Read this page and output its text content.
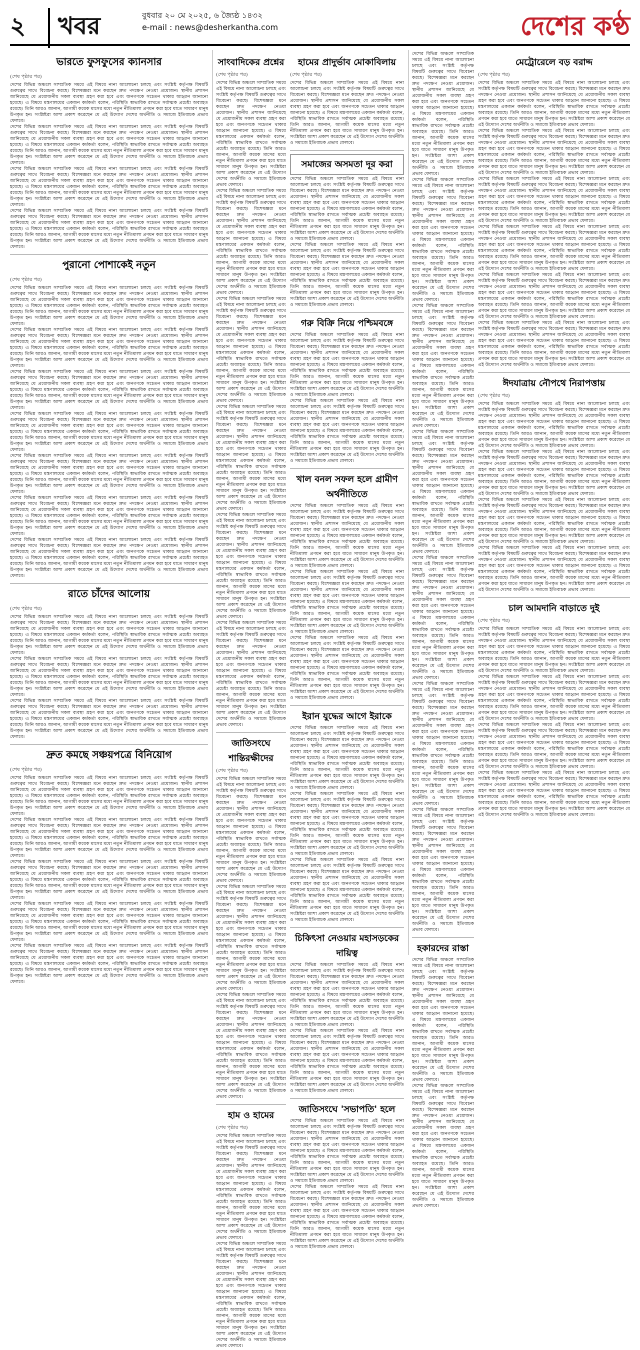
২	খবর	বুধবার ২০ মে ২০২৫, ৬ জ্যৈষ্ঠ ১৪৩২
e-mail : news@desherkantha.com	দেশের কণ্ঠ
ভারতে ফুসফুসের ক্যানসার
(শেষ পৃষ্ঠার পর)

দেশের বিভিন্ন অঞ্চলে সাম্প্রতিক সময়ে এই বিষয়ে নানা আলোচনা চলছে এবং সংশ্লিষ্ট কর্তৃপক্ষ বিষয়টি গুরুত্বের সাথে বিবেচনা করছে। বিশেষজ্ঞরা মনে করছেন দ্রুত পদক্ষেপ নেওয়া প্রয়োজন। স্থানীয় প্রশাসন জানিয়েছে যে প্রয়োজনীয় সকল ব্যবস্থা গ্রহণ করা হবে এবং জনগণকে সচেতন থাকার আহ্বান জানানো হয়েছে। এ বিষয়ে মন্ত্রণালয়ের একজন কর্মকর্তা বলেন, পরিস্থিতি স্বাভাবিক রাখতে সর্বাত্মক প্রচেষ্টা অব্যাহত রয়েছে। তিনি আরও জানান, আগামী কয়েক মাসের মধ্যে নতুন নীতিমালা প্রণয়ন করা হবে যাতে সাধারণ মানুষ উপকৃত হন। সংশ্লিষ্টরা আশা প্রকাশ করেছেন যে এই উদ্যোগ দেশের অর্থনীতি ও সমাজে ইতিবাচক প্রভাব ফেলবে।

দেশের বিভিন্ন অঞ্চলে সাম্প্রতিক সময়ে এই বিষয়ে নানা আলোচনা চলছে এবং সংশ্লিষ্ট কর্তৃপক্ষ বিষয়টি গুরুত্বের সাথে বিবেচনা করছে। বিশেষজ্ঞরা মনে করছেন দ্রুত পদক্ষেপ নেওয়া প্রয়োজন। স্থানীয় প্রশাসন জানিয়েছে যে প্রয়োজনীয় সকল ব্যবস্থা গ্রহণ করা হবে এবং জনগণকে সচেতন থাকার আহ্বান জানানো হয়েছে। এ বিষয়ে মন্ত্রণালয়ের একজন কর্মকর্তা বলেন, পরিস্থিতি স্বাভাবিক রাখতে সর্বাত্মক প্রচেষ্টা অব্যাহত রয়েছে। তিনি আরও জানান, আগামী কয়েক মাসের মধ্যে নতুন নীতিমালা প্রণয়ন করা হবে যাতে সাধারণ মানুষ উপকৃত হন। সংশ্লিষ্টরা আশা প্রকাশ করেছেন যে এই উদ্যোগ দেশের অর্থনীতি ও সমাজে ইতিবাচক প্রভাব ফেলবে।

দেশের বিভিন্ন অঞ্চলে সাম্প্রতিক সময়ে এই বিষয়ে নানা আলোচনা চলছে এবং সংশ্লিষ্ট কর্তৃপক্ষ বিষয়টি গুরুত্বের সাথে বিবেচনা করছে। বিশেষজ্ঞরা মনে করছেন দ্রুত পদক্ষেপ নেওয়া প্রয়োজন। স্থানীয় প্রশাসন জানিয়েছে যে প্রয়োজনীয় সকল ব্যবস্থা গ্রহণ করা হবে এবং জনগণকে সচেতন থাকার আহ্বান জানানো হয়েছে। এ বিষয়ে মন্ত্রণালয়ের একজন কর্মকর্তা বলেন, পরিস্থিতি স্বাভাবিক রাখতে সর্বাত্মক প্রচেষ্টা অব্যাহত রয়েছে। তিনি আরও জানান, আগামী কয়েক মাসের মধ্যে নতুন নীতিমালা প্রণয়ন করা হবে যাতে সাধারণ মানুষ উপকৃত হন। সংশ্লিষ্টরা আশা প্রকাশ করেছেন যে এই উদ্যোগ দেশের অর্থনীতি ও সমাজে ইতিবাচক প্রভাব ফেলবে।

দেশের বিভিন্ন অঞ্চলে সাম্প্রতিক সময়ে এই বিষয়ে নানা আলোচনা চলছে এবং সংশ্লিষ্ট কর্তৃপক্ষ বিষয়টি গুরুত্বের সাথে বিবেচনা করছে। বিশেষজ্ঞরা মনে করছেন দ্রুত পদক্ষেপ নেওয়া প্রয়োজন। স্থানীয় প্রশাসন জানিয়েছে যে প্রয়োজনীয় সকল ব্যবস্থা গ্রহণ করা হবে এবং জনগণকে সচেতন থাকার আহ্বান জানানো হয়েছে। এ বিষয়ে মন্ত্রণালয়ের একজন কর্মকর্তা বলেন, পরিস্থিতি স্বাভাবিক রাখতে সর্বাত্মক প্রচেষ্টা অব্যাহত রয়েছে। তিনি আরও জানান, আগামী কয়েক মাসের মধ্যে নতুন নীতিমালা প্রণয়ন করা হবে যাতে সাধারণ মানুষ উপকৃত হন। সংশ্লিষ্টরা আশা প্রকাশ করেছেন যে এই উদ্যোগ দেশের অর্থনীতি ও সমাজে ইতিবাচক প্রভাব ফেলবে।

পুরানো পোশাকেই নতুন
(শেষ পৃষ্ঠার পর)

দেশের বিভিন্ন অঞ্চলে সাম্প্রতিক সময়ে এই বিষয়ে নানা আলোচনা চলছে এবং সংশ্লিষ্ট কর্তৃপক্ষ বিষয়টি গুরুত্বের সাথে বিবেচনা করছে। বিশেষজ্ঞরা মনে করছেন দ্রুত পদক্ষেপ নেওয়া প্রয়োজন। স্থানীয় প্রশাসন জানিয়েছে যে প্রয়োজনীয় সকল ব্যবস্থা গ্রহণ করা হবে এবং জনগণকে সচেতন থাকার আহ্বান জানানো হয়েছে। এ বিষয়ে মন্ত্রণালয়ের একজন কর্মকর্তা বলেন, পরিস্থিতি স্বাভাবিক রাখতে সর্বাত্মক প্রচেষ্টা অব্যাহত রয়েছে। তিনি আরও জানান, আগামী কয়েক মাসের মধ্যে নতুন নীতিমালা প্রণয়ন করা হবে যাতে সাধারণ মানুষ উপকৃত হন। সংশ্লিষ্টরা আশা প্রকাশ করেছেন যে এই উদ্যোগ দেশের অর্থনীতি ও সমাজে ইতিবাচক প্রভাব ফেলবে।

দেশের বিভিন্ন অঞ্চলে সাম্প্রতিক সময়ে এই বিষয়ে নানা আলোচনা চলছে এবং সংশ্লিষ্ট কর্তৃপক্ষ বিষয়টি গুরুত্বের সাথে বিবেচনা করছে। বিশেষজ্ঞরা মনে করছেন দ্রুত পদক্ষেপ নেওয়া প্রয়োজন। স্থানীয় প্রশাসন জানিয়েছে যে প্রয়োজনীয় সকল ব্যবস্থা গ্রহণ করা হবে এবং জনগণকে সচেতন থাকার আহ্বান জানানো হয়েছে। এ বিষয়ে মন্ত্রণালয়ের একজন কর্মকর্তা বলেন, পরিস্থিতি স্বাভাবিক রাখতে সর্বাত্মক প্রচেষ্টা অব্যাহত রয়েছে। তিনি আরও জানান, আগামী কয়েক মাসের মধ্যে নতুন নীতিমালা প্রণয়ন করা হবে যাতে সাধারণ মানুষ উপকৃত হন। সংশ্লিষ্টরা আশা প্রকাশ করেছেন যে এই উদ্যোগ দেশের অর্থনীতি ও সমাজে ইতিবাচক প্রভাব ফেলবে।

দেশের বিভিন্ন অঞ্চলে সাম্প্রতিক সময়ে এই বিষয়ে নানা আলোচনা চলছে এবং সংশ্লিষ্ট কর্তৃপক্ষ বিষয়টি গুরুত্বের সাথে বিবেচনা করছে। বিশেষজ্ঞরা মনে করছেন দ্রুত পদক্ষেপ নেওয়া প্রয়োজন। স্থানীয় প্রশাসন জানিয়েছে যে প্রয়োজনীয় সকল ব্যবস্থা গ্রহণ করা হবে এবং জনগণকে সচেতন থাকার আহ্বান জানানো হয়েছে। এ বিষয়ে মন্ত্রণালয়ের একজন কর্মকর্তা বলেন, পরিস্থিতি স্বাভাবিক রাখতে সর্বাত্মক প্রচেষ্টা অব্যাহত রয়েছে। তিনি আরও জানান, আগামী কয়েক মাসের মধ্যে নতুন নীতিমালা প্রণয়ন করা হবে যাতে সাধারণ মানুষ উপকৃত হন। সংশ্লিষ্টরা আশা প্রকাশ করেছেন যে এই উদ্যোগ দেশের অর্থনীতি ও সমাজে ইতিবাচক প্রভাব ফেলবে।

দেশের বিভিন্ন অঞ্চলে সাম্প্রতিক সময়ে এই বিষয়ে নানা আলোচনা চলছে এবং সংশ্লিষ্ট কর্তৃপক্ষ বিষয়টি গুরুত্বের সাথে বিবেচনা করছে। বিশেষজ্ঞরা মনে করছেন দ্রুত পদক্ষেপ নেওয়া প্রয়োজন। স্থানীয় প্রশাসন জানিয়েছে যে প্রয়োজনীয় সকল ব্যবস্থা গ্রহণ করা হবে এবং জনগণকে সচেতন থাকার আহ্বান জানানো হয়েছে। এ বিষয়ে মন্ত্রণালয়ের একজন কর্মকর্তা বলেন, পরিস্থিতি স্বাভাবিক রাখতে সর্বাত্মক প্রচেষ্টা অব্যাহত রয়েছে। তিনি আরও জানান, আগামী কয়েক মাসের মধ্যে নতুন নীতিমালা প্রণয়ন করা হবে যাতে সাধারণ মানুষ উপকৃত হন। সংশ্লিষ্টরা আশা প্রকাশ করেছেন যে এই উদ্যোগ দেশের অর্থনীতি ও সমাজে ইতিবাচক প্রভাব ফেলবে।

দেশের বিভিন্ন অঞ্চলে সাম্প্রতিক সময়ে এই বিষয়ে নানা আলোচনা চলছে এবং সংশ্লিষ্ট কর্তৃপক্ষ বিষয়টি গুরুত্বের সাথে বিবেচনা করছে। বিশেষজ্ঞরা মনে করছেন দ্রুত পদক্ষেপ নেওয়া প্রয়োজন। স্থানীয় প্রশাসন জানিয়েছে যে প্রয়োজনীয় সকল ব্যবস্থা গ্রহণ করা হবে এবং জনগণকে সচেতন থাকার আহ্বান জানানো হয়েছে। এ বিষয়ে মন্ত্রণালয়ের একজন কর্মকর্তা বলেন, পরিস্থিতি স্বাভাবিক রাখতে সর্বাত্মক প্রচেষ্টা অব্যাহত রয়েছে। তিনি আরও জানান, আগামী কয়েক মাসের মধ্যে নতুন নীতিমালা প্রণয়ন করা হবে যাতে সাধারণ মানুষ উপকৃত হন। সংশ্লিষ্টরা আশা প্রকাশ করেছেন যে এই উদ্যোগ দেশের অর্থনীতি ও সমাজে ইতিবাচক প্রভাব ফেলবে।

দেশের বিভিন্ন অঞ্চলে সাম্প্রতিক সময়ে এই বিষয়ে নানা আলোচনা চলছে এবং সংশ্লিষ্ট কর্তৃপক্ষ বিষয়টি গুরুত্বের সাথে বিবেচনা করছে। বিশেষজ্ঞরা মনে করছেন দ্রুত পদক্ষেপ নেওয়া প্রয়োজন। স্থানীয় প্রশাসন জানিয়েছে যে প্রয়োজনীয় সকল ব্যবস্থা গ্রহণ করা হবে এবং জনগণকে সচেতন থাকার আহ্বান জানানো হয়েছে। এ বিষয়ে মন্ত্রণালয়ের একজন কর্মকর্তা বলেন, পরিস্থিতি স্বাভাবিক রাখতে সর্বাত্মক প্রচেষ্টা অব্যাহত রয়েছে। তিনি আরও জানান, আগামী কয়েক মাসের মধ্যে নতুন নীতিমালা প্রণয়ন করা হবে যাতে সাধারণ মানুষ উপকৃত হন। সংশ্লিষ্টরা আশা প্রকাশ করেছেন যে এই উদ্যোগ দেশের অর্থনীতি ও সমাজে ইতিবাচক প্রভাব ফেলবে।

দেশের বিভিন্ন অঞ্চলে সাম্প্রতিক সময়ে এই বিষয়ে নানা আলোচনা চলছে এবং সংশ্লিষ্ট কর্তৃপক্ষ বিষয়টি গুরুত্বের সাথে বিবেচনা করছে। বিশেষজ্ঞরা মনে করছেন দ্রুত পদক্ষেপ নেওয়া প্রয়োজন। স্থানীয় প্রশাসন জানিয়েছে যে প্রয়োজনীয় সকল ব্যবস্থা গ্রহণ করা হবে এবং জনগণকে সচেতন থাকার আহ্বান জানানো হয়েছে। এ বিষয়ে মন্ত্রণালয়ের একজন কর্মকর্তা বলেন, পরিস্থিতি স্বাভাবিক রাখতে সর্বাত্মক প্রচেষ্টা অব্যাহত রয়েছে। তিনি আরও জানান, আগামী কয়েক মাসের মধ্যে নতুন নীতিমালা প্রণয়ন করা হবে যাতে সাধারণ মানুষ উপকৃত হন। সংশ্লিষ্টরা আশা প্রকাশ করেছেন যে এই উদ্যোগ দেশের অর্থনীতি ও সমাজে ইতিবাচক প্রভাব ফেলবে।

রাতে চাঁদের আলোয়
(শেষ পৃষ্ঠার পর)

দেশের বিভিন্ন অঞ্চলে সাম্প্রতিক সময়ে এই বিষয়ে নানা আলোচনা চলছে এবং সংশ্লিষ্ট কর্তৃপক্ষ বিষয়টি গুরুত্বের সাথে বিবেচনা করছে। বিশেষজ্ঞরা মনে করছেন দ্রুত পদক্ষেপ নেওয়া প্রয়োজন। স্থানীয় প্রশাসন জানিয়েছে যে প্রয়োজনীয় সকল ব্যবস্থা গ্রহণ করা হবে এবং জনগণকে সচেতন থাকার আহ্বান জানানো হয়েছে। এ বিষয়ে মন্ত্রণালয়ের একজন কর্মকর্তা বলেন, পরিস্থিতি স্বাভাবিক রাখতে সর্বাত্মক প্রচেষ্টা অব্যাহত রয়েছে। তিনি আরও জানান, আগামী কয়েক মাসের মধ্যে নতুন নীতিমালা প্রণয়ন করা হবে যাতে সাধারণ মানুষ উপকৃত হন। সংশ্লিষ্টরা আশা প্রকাশ করেছেন যে এই উদ্যোগ দেশের অর্থনীতি ও সমাজে ইতিবাচক প্রভাব ফেলবে।

দেশের বিভিন্ন অঞ্চলে সাম্প্রতিক সময়ে এই বিষয়ে নানা আলোচনা চলছে এবং সংশ্লিষ্ট কর্তৃপক্ষ বিষয়টি গুরুত্বের সাথে বিবেচনা করছে। বিশেষজ্ঞরা মনে করছেন দ্রুত পদক্ষেপ নেওয়া প্রয়োজন। স্থানীয় প্রশাসন জানিয়েছে যে প্রয়োজনীয় সকল ব্যবস্থা গ্রহণ করা হবে এবং জনগণকে সচেতন থাকার আহ্বান জানানো হয়েছে। এ বিষয়ে মন্ত্রণালয়ের একজন কর্মকর্তা বলেন, পরিস্থিতি স্বাভাবিক রাখতে সর্বাত্মক প্রচেষ্টা অব্যাহত রয়েছে। তিনি আরও জানান, আগামী কয়েক মাসের মধ্যে নতুন নীতিমালা প্রণয়ন করা হবে যাতে সাধারণ মানুষ উপকৃত হন। সংশ্লিষ্টরা আশা প্রকাশ করেছেন যে এই উদ্যোগ দেশের অর্থনীতি ও সমাজে ইতিবাচক প্রভাব ফেলবে।

দেশের বিভিন্ন অঞ্চলে সাম্প্রতিক সময়ে এই বিষয়ে নানা আলোচনা চলছে এবং সংশ্লিষ্ট কর্তৃপক্ষ বিষয়টি গুরুত্বের সাথে বিবেচনা করছে। বিশেষজ্ঞরা মনে করছেন দ্রুত পদক্ষেপ নেওয়া প্রয়োজন। স্থানীয় প্রশাসন জানিয়েছে যে প্রয়োজনীয় সকল ব্যবস্থা গ্রহণ করা হবে এবং জনগণকে সচেতন থাকার আহ্বান জানানো হয়েছে। এ বিষয়ে মন্ত্রণালয়ের একজন কর্মকর্তা বলেন, পরিস্থিতি স্বাভাবিক রাখতে সর্বাত্মক প্রচেষ্টা অব্যাহত রয়েছে। তিনি আরও জানান, আগামী কয়েক মাসের মধ্যে নতুন নীতিমালা প্রণয়ন করা হবে যাতে সাধারণ মানুষ উপকৃত হন। সংশ্লিষ্টরা আশা প্রকাশ করেছেন যে এই উদ্যোগ দেশের অর্থনীতি ও সমাজে ইতিবাচক প্রভাব ফেলবে।

দ্রুত কমছে সঞ্চয়পত্রে বিনিয়োগ
(শেষ পৃষ্ঠার পর)

দেশের বিভিন্ন অঞ্চলে সাম্প্রতিক সময়ে এই বিষয়ে নানা আলোচনা চলছে এবং সংশ্লিষ্ট কর্তৃপক্ষ বিষয়টি গুরুত্বের সাথে বিবেচনা করছে। বিশেষজ্ঞরা মনে করছেন দ্রুত পদক্ষেপ নেওয়া প্রয়োজন। স্থানীয় প্রশাসন জানিয়েছে যে প্রয়োজনীয় সকল ব্যবস্থা গ্রহণ করা হবে এবং জনগণকে সচেতন থাকার আহ্বান জানানো হয়েছে। এ বিষয়ে মন্ত্রণালয়ের একজন কর্মকর্তা বলেন, পরিস্থিতি স্বাভাবিক রাখতে সর্বাত্মক প্রচেষ্টা অব্যাহত রয়েছে। তিনি আরও জানান, আগামী কয়েক মাসের মধ্যে নতুন নীতিমালা প্রণয়ন করা হবে যাতে সাধারণ মানুষ উপকৃত হন। সংশ্লিষ্টরা আশা প্রকাশ করেছেন যে এই উদ্যোগ দেশের অর্থনীতি ও সমাজে ইতিবাচক প্রভাব ফেলবে।

দেশের বিভিন্ন অঞ্চলে সাম্প্রতিক সময়ে এই বিষয়ে নানা আলোচনা চলছে এবং সংশ্লিষ্ট কর্তৃপক্ষ বিষয়টি গুরুত্বের সাথে বিবেচনা করছে। বিশেষজ্ঞরা মনে করছেন দ্রুত পদক্ষেপ নেওয়া প্রয়োজন। স্থানীয় প্রশাসন জানিয়েছে যে প্রয়োজনীয় সকল ব্যবস্থা গ্রহণ করা হবে এবং জনগণকে সচেতন থাকার আহ্বান জানানো হয়েছে। এ বিষয়ে মন্ত্রণালয়ের একজন কর্মকর্তা বলেন, পরিস্থিতি স্বাভাবিক রাখতে সর্বাত্মক প্রচেষ্টা অব্যাহত রয়েছে। তিনি আরও জানান, আগামী কয়েক মাসের মধ্যে নতুন নীতিমালা প্রণয়ন করা হবে যাতে সাধারণ মানুষ উপকৃত হন। সংশ্লিষ্টরা আশা প্রকাশ করেছেন যে এই উদ্যোগ দেশের অর্থনীতি ও সমাজে ইতিবাচক প্রভাব ফেলবে।

দেশের বিভিন্ন অঞ্চলে সাম্প্রতিক সময়ে এই বিষয়ে নানা আলোচনা চলছে এবং সংশ্লিষ্ট কর্তৃপক্ষ বিষয়টি গুরুত্বের সাথে বিবেচনা করছে। বিশেষজ্ঞরা মনে করছেন দ্রুত পদক্ষেপ নেওয়া প্রয়োজন। স্থানীয় প্রশাসন জানিয়েছে যে প্রয়োজনীয় সকল ব্যবস্থা গ্রহণ করা হবে এবং জনগণকে সচেতন থাকার আহ্বান জানানো হয়েছে। এ বিষয়ে মন্ত্রণালয়ের একজন কর্মকর্তা বলেন, পরিস্থিতি স্বাভাবিক রাখতে সর্বাত্মক প্রচেষ্টা অব্যাহত রয়েছে। তিনি আরও জানান, আগামী কয়েক মাসের মধ্যে নতুন নীতিমালা প্রণয়ন করা হবে যাতে সাধারণ মানুষ উপকৃত হন। সংশ্লিষ্টরা আশা প্রকাশ করেছেন যে এই উদ্যোগ দেশের অর্থনীতি ও সমাজে ইতিবাচক প্রভাব ফেলবে।

দেশের বিভিন্ন অঞ্চলে সাম্প্রতিক সময়ে এই বিষয়ে নানা আলোচনা চলছে এবং সংশ্লিষ্ট কর্তৃপক্ষ বিষয়টি গুরুত্বের সাথে বিবেচনা করছে। বিশেষজ্ঞরা মনে করছেন দ্রুত পদক্ষেপ নেওয়া প্রয়োজন। স্থানীয় প্রশাসন জানিয়েছে যে প্রয়োজনীয় সকল ব্যবস্থা গ্রহণ করা হবে এবং জনগণকে সচেতন থাকার আহ্বান জানানো হয়েছে। এ বিষয়ে মন্ত্রণালয়ের একজন কর্মকর্তা বলেন, পরিস্থিতি স্বাভাবিক রাখতে সর্বাত্মক প্রচেষ্টা অব্যাহত রয়েছে। তিনি আরও জানান, আগামী কয়েক মাসের মধ্যে নতুন নীতিমালা প্রণয়ন করা হবে যাতে সাধারণ মানুষ উপকৃত হন। সংশ্লিষ্টরা আশা প্রকাশ করেছেন যে এই উদ্যোগ দেশের অর্থনীতি ও সমাজে ইতিবাচক প্রভাব ফেলবে।

দেশের বিভিন্ন অঞ্চলে সাম্প্রতিক সময়ে এই বিষয়ে নানা আলোচনা চলছে এবং সংশ্লিষ্ট কর্তৃপক্ষ বিষয়টি গুরুত্বের সাথে বিবেচনা করছে। বিশেষজ্ঞরা মনে করছেন দ্রুত পদক্ষেপ নেওয়া প্রয়োজন। স্থানীয় প্রশাসন জানিয়েছে যে প্রয়োজনীয় সকল ব্যবস্থা গ্রহণ করা হবে এবং জনগণকে সচেতন থাকার আহ্বান জানানো হয়েছে। এ বিষয়ে মন্ত্রণালয়ের একজন কর্মকর্তা বলেন, পরিস্থিতি স্বাভাবিক রাখতে সর্বাত্মক প্রচেষ্টা অব্যাহত রয়েছে। তিনি আরও জানান, আগামী কয়েক মাসের মধ্যে নতুন নীতিমালা প্রণয়ন করা হবে যাতে সাধারণ মানুষ উপকৃত হন। সংশ্লিষ্টরা আশা প্রকাশ করেছেন যে এই উদ্যোগ দেশের অর্থনীতি ও সমাজে ইতিবাচক প্রভাব ফেলবে।

সাংবাদিকের প্রশ্নের
(শেষ পৃষ্ঠার পর)

দেশের বিভিন্ন অঞ্চলে সাম্প্রতিক সময়ে এই বিষয়ে নানা আলোচনা চলছে এবং সংশ্লিষ্ট কর্তৃপক্ষ বিষয়টি গুরুত্বের সাথে বিবেচনা করছে। বিশেষজ্ঞরা মনে করছেন দ্রুত পদক্ষেপ নেওয়া প্রয়োজন। স্থানীয় প্রশাসন জানিয়েছে যে প্রয়োজনীয় সকল ব্যবস্থা গ্রহণ করা হবে এবং জনগণকে সচেতন থাকার আহ্বান জানানো হয়েছে। এ বিষয়ে মন্ত্রণালয়ের একজন কর্মকর্তা বলেন, পরিস্থিতি স্বাভাবিক রাখতে সর্বাত্মক প্রচেষ্টা অব্যাহত রয়েছে। তিনি আরও জানান, আগামী কয়েক মাসের মধ্যে নতুন নীতিমালা প্রণয়ন করা হবে যাতে সাধারণ মানুষ উপকৃত হন। সংশ্লিষ্টরা আশা প্রকাশ করেছেন যে এই উদ্যোগ দেশের অর্থনীতি ও সমাজে ইতিবাচক প্রভাব ফেলবে।

দেশের বিভিন্ন অঞ্চলে সাম্প্রতিক সময়ে এই বিষয়ে নানা আলোচনা চলছে এবং সংশ্লিষ্ট কর্তৃপক্ষ বিষয়টি গুরুত্বের সাথে বিবেচনা করছে। বিশেষজ্ঞরা মনে করছেন দ্রুত পদক্ষেপ নেওয়া প্রয়োজন। স্থানীয় প্রশাসন জানিয়েছে যে প্রয়োজনীয় সকল ব্যবস্থা গ্রহণ করা হবে এবং জনগণকে সচেতন থাকার আহ্বান জানানো হয়েছে। এ বিষয়ে মন্ত্রণালয়ের একজন কর্মকর্তা বলেন, পরিস্থিতি স্বাভাবিক রাখতে সর্বাত্মক প্রচেষ্টা অব্যাহত রয়েছে। তিনি আরও জানান, আগামী কয়েক মাসের মধ্যে নতুন নীতিমালা প্রণয়ন করা হবে যাতে সাধারণ মানুষ উপকৃত হন। সংশ্লিষ্টরা আশা প্রকাশ করেছেন যে এই উদ্যোগ দেশের অর্থনীতি ও সমাজে ইতিবাচক প্রভাব ফেলবে।

দেশের বিভিন্ন অঞ্চলে সাম্প্রতিক সময়ে এই বিষয়ে নানা আলোচনা চলছে এবং সংশ্লিষ্ট কর্তৃপক্ষ বিষয়টি গুরুত্বের সাথে বিবেচনা করছে। বিশেষজ্ঞরা মনে করছেন দ্রুত পদক্ষেপ নেওয়া প্রয়োজন। স্থানীয় প্রশাসন জানিয়েছে যে প্রয়োজনীয় সকল ব্যবস্থা গ্রহণ করা হবে এবং জনগণকে সচেতন থাকার আহ্বান জানানো হয়েছে। এ বিষয়ে মন্ত্রণালয়ের একজন কর্মকর্তা বলেন, পরিস্থিতি স্বাভাবিক রাখতে সর্বাত্মক প্রচেষ্টা অব্যাহত রয়েছে। তিনি আরও জানান, আগামী কয়েক মাসের মধ্যে নতুন নীতিমালা প্রণয়ন করা হবে যাতে সাধারণ মানুষ উপকৃত হন। সংশ্লিষ্টরা আশা প্রকাশ করেছেন যে এই উদ্যোগ দেশের অর্থনীতি ও সমাজে ইতিবাচক প্রভাব ফেলবে।

দেশের বিভিন্ন অঞ্চলে সাম্প্রতিক সময়ে এই বিষয়ে নানা আলোচনা চলছে এবং সংশ্লিষ্ট কর্তৃপক্ষ বিষয়টি গুরুত্বের সাথে বিবেচনা করছে। বিশেষজ্ঞরা মনে করছেন দ্রুত পদক্ষেপ নেওয়া প্রয়োজন। স্থানীয় প্রশাসন জানিয়েছে যে প্রয়োজনীয় সকল ব্যবস্থা গ্রহণ করা হবে এবং জনগণকে সচেতন থাকার আহ্বান জানানো হয়েছে। এ বিষয়ে মন্ত্রণালয়ের একজন কর্মকর্তা বলেন, পরিস্থিতি স্বাভাবিক রাখতে সর্বাত্মক প্রচেষ্টা অব্যাহত রয়েছে। তিনি আরও জানান, আগামী কয়েক মাসের মধ্যে নতুন নীতিমালা প্রণয়ন করা হবে যাতে সাধারণ মানুষ উপকৃত হন। সংশ্লিষ্টরা আশা প্রকাশ করেছেন যে এই উদ্যোগ দেশের অর্থনীতি ও সমাজে ইতিবাচক প্রভাব ফেলবে।

দেশের বিভিন্ন অঞ্চলে সাম্প্রতিক সময়ে এই বিষয়ে নানা আলোচনা চলছে এবং সংশ্লিষ্ট কর্তৃপক্ষ বিষয়টি গুরুত্বের সাথে বিবেচনা করছে। বিশেষজ্ঞরা মনে করছেন দ্রুত পদক্ষেপ নেওয়া প্রয়োজন। স্থানীয় প্রশাসন জানিয়েছে যে প্রয়োজনীয় সকল ব্যবস্থা গ্রহণ করা হবে এবং জনগণকে সচেতন থাকার আহ্বান জানানো হয়েছে। এ বিষয়ে মন্ত্রণালয়ের একজন কর্মকর্তা বলেন, পরিস্থিতি স্বাভাবিক রাখতে সর্বাত্মক প্রচেষ্টা অব্যাহত রয়েছে। তিনি আরও জানান, আগামী কয়েক মাসের মধ্যে নতুন নীতিমালা প্রণয়ন করা হবে যাতে সাধারণ মানুষ উপকৃত হন। সংশ্লিষ্টরা আশা প্রকাশ করেছেন যে এই উদ্যোগ দেশের অর্থনীতি ও সমাজে ইতিবাচক প্রভাব ফেলবে।

দেশের বিভিন্ন অঞ্চলে সাম্প্রতিক সময়ে এই বিষয়ে নানা আলোচনা চলছে এবং সংশ্লিষ্ট কর্তৃপক্ষ বিষয়টি গুরুত্বের সাথে বিবেচনা করছে। বিশেষজ্ঞরা মনে করছেন দ্রুত পদক্ষেপ নেওয়া প্রয়োজন। স্থানীয় প্রশাসন জানিয়েছে যে প্রয়োজনীয় সকল ব্যবস্থা গ্রহণ করা হবে এবং জনগণকে সচেতন থাকার আহ্বান জানানো হয়েছে। এ বিষয়ে মন্ত্রণালয়ের একজন কর্মকর্তা বলেন, পরিস্থিতি স্বাভাবিক রাখতে সর্বাত্মক প্রচেষ্টা অব্যাহত রয়েছে। তিনি আরও জানান, আগামী কয়েক মাসের মধ্যে নতুন নীতিমালা প্রণয়ন করা হবে যাতে সাধারণ মানুষ উপকৃত হন। সংশ্লিষ্টরা আশা প্রকাশ করেছেন যে এই উদ্যোগ দেশের অর্থনীতি ও সমাজে ইতিবাচক প্রভাব ফেলবে।

জাতিসংঘে শান্তিরক্ষীদের
(শেষ পৃষ্ঠার পর)

দেশের বিভিন্ন অঞ্চলে সাম্প্রতিক সময়ে এই বিষয়ে নানা আলোচনা চলছে এবং সংশ্লিষ্ট কর্তৃপক্ষ বিষয়টি গুরুত্বের সাথে বিবেচনা করছে। বিশেষজ্ঞরা মনে করছেন দ্রুত পদক্ষেপ নেওয়া প্রয়োজন। স্থানীয় প্রশাসন জানিয়েছে যে প্রয়োজনীয় সকল ব্যবস্থা গ্রহণ করা হবে এবং জনগণকে সচেতন থাকার আহ্বান জানানো হয়েছে। এ বিষয়ে মন্ত্রণালয়ের একজন কর্মকর্তা বলেন, পরিস্থিতি স্বাভাবিক রাখতে সর্বাত্মক প্রচেষ্টা অব্যাহত রয়েছে। তিনি আরও জানান, আগামী কয়েক মাসের মধ্যে নতুন নীতিমালা প্রণয়ন করা হবে যাতে সাধারণ মানুষ উপকৃত হন। সংশ্লিষ্টরা আশা প্রকাশ করেছেন যে এই উদ্যোগ দেশের অর্থনীতি ও সমাজে ইতিবাচক প্রভাব ফেলবে।

দেশের বিভিন্ন অঞ্চলে সাম্প্রতিক সময়ে এই বিষয়ে নানা আলোচনা চলছে এবং সংশ্লিষ্ট কর্তৃপক্ষ বিষয়টি গুরুত্বের সাথে বিবেচনা করছে। বিশেষজ্ঞরা মনে করছেন দ্রুত পদক্ষেপ নেওয়া প্রয়োজন। স্থানীয় প্রশাসন জানিয়েছে যে প্রয়োজনীয় সকল ব্যবস্থা গ্রহণ করা হবে এবং জনগণকে সচেতন থাকার আহ্বান জানানো হয়েছে। এ বিষয়ে মন্ত্রণালয়ের একজন কর্মকর্তা বলেন, পরিস্থিতি স্বাভাবিক রাখতে সর্বাত্মক প্রচেষ্টা অব্যাহত রয়েছে। তিনি আরও জানান, আগামী কয়েক মাসের মধ্যে নতুন নীতিমালা প্রণয়ন করা হবে যাতে সাধারণ মানুষ উপকৃত হন। সংশ্লিষ্টরা আশা প্রকাশ করেছেন যে এই উদ্যোগ দেশের অর্থনীতি ও সমাজে ইতিবাচক প্রভাব ফেলবে।

দেশের বিভিন্ন অঞ্চলে সাম্প্রতিক সময়ে এই বিষয়ে নানা আলোচনা চলছে এবং সংশ্লিষ্ট কর্তৃপক্ষ বিষয়টি গুরুত্বের সাথে বিবেচনা করছে। বিশেষজ্ঞরা মনে করছেন দ্রুত পদক্ষেপ নেওয়া প্রয়োজন। স্থানীয় প্রশাসন জানিয়েছে যে প্রয়োজনীয় সকল ব্যবস্থা গ্রহণ করা হবে এবং জনগণকে সচেতন থাকার আহ্বান জানানো হয়েছে। এ বিষয়ে মন্ত্রণালয়ের একজন কর্মকর্তা বলেন, পরিস্থিতি স্বাভাবিক রাখতে সর্বাত্মক প্রচেষ্টা অব্যাহত রয়েছে। তিনি আরও জানান, আগামী কয়েক মাসের মধ্যে নতুন নীতিমালা প্রণয়ন করা হবে যাতে সাধারণ মানুষ উপকৃত হন। সংশ্লিষ্টরা আশা প্রকাশ করেছেন যে এই উদ্যোগ দেশের অর্থনীতি ও সমাজে ইতিবাচক প্রভাব ফেলবে।

হাম ও হামের
(শেষ পৃষ্ঠার পর)

দেশের বিভিন্ন অঞ্চলে সাম্প্রতিক সময়ে এই বিষয়ে নানা আলোচনা চলছে এবং সংশ্লিষ্ট কর্তৃপক্ষ বিষয়টি গুরুত্বের সাথে বিবেচনা করছে। বিশেষজ্ঞরা মনে করছেন দ্রুত পদক্ষেপ নেওয়া প্রয়োজন। স্থানীয় প্রশাসন জানিয়েছে যে প্রয়োজনীয় সকল ব্যবস্থা গ্রহণ করা হবে এবং জনগণকে সচেতন থাকার আহ্বান জানানো হয়েছে। এ বিষয়ে মন্ত্রণালয়ের একজন কর্মকর্তা বলেন, পরিস্থিতি স্বাভাবিক রাখতে সর্বাত্মক প্রচেষ্টা অব্যাহত রয়েছে। তিনি আরও জানান, আগামী কয়েক মাসের মধ্যে নতুন নীতিমালা প্রণয়ন করা হবে যাতে সাধারণ মানুষ উপকৃত হন। সংশ্লিষ্টরা আশা প্রকাশ করেছেন যে এই উদ্যোগ দেশের অর্থনীতি ও সমাজে ইতিবাচক প্রভাব ফেলবে।

দেশের বিভিন্ন অঞ্চলে সাম্প্রতিক সময়ে এই বিষয়ে নানা আলোচনা চলছে এবং সংশ্লিষ্ট কর্তৃপক্ষ বিষয়টি গুরুত্বের সাথে বিবেচনা করছে। বিশেষজ্ঞরা মনে করছেন দ্রুত পদক্ষেপ নেওয়া প্রয়োজন। স্থানীয় প্রশাসন জানিয়েছে যে প্রয়োজনীয় সকল ব্যবস্থা গ্রহণ করা হবে এবং জনগণকে সচেতন থাকার আহ্বান জানানো হয়েছে। এ বিষয়ে মন্ত্রণালয়ের একজন কর্মকর্তা বলেন, পরিস্থিতি স্বাভাবিক রাখতে সর্বাত্মক প্রচেষ্টা অব্যাহত রয়েছে। তিনি আরও জানান, আগামী কয়েক মাসের মধ্যে নতুন নীতিমালা প্রণয়ন করা হবে যাতে সাধারণ মানুষ উপকৃত হন। সংশ্লিষ্টরা আশা প্রকাশ করেছেন যে এই উদ্যোগ দেশের অর্থনীতি ও সমাজে ইতিবাচক প্রভাব ফেলবে।

হামের প্রাদুর্ভাব মোকাবিলায়
(শেষ পৃষ্ঠার পর)

দেশের বিভিন্ন অঞ্চলে সাম্প্রতিক সময়ে এই বিষয়ে নানা আলোচনা চলছে এবং সংশ্লিষ্ট কর্তৃপক্ষ বিষয়টি গুরুত্বের সাথে বিবেচনা করছে। বিশেষজ্ঞরা মনে করছেন দ্রুত পদক্ষেপ নেওয়া প্রয়োজন। স্থানীয় প্রশাসন জানিয়েছে যে প্রয়োজনীয় সকল ব্যবস্থা গ্রহণ করা হবে এবং জনগণকে সচেতন থাকার আহ্বান জানানো হয়েছে। এ বিষয়ে মন্ত্রণালয়ের একজন কর্মকর্তা বলেন, পরিস্থিতি স্বাভাবিক রাখতে সর্বাত্মক প্রচেষ্টা অব্যাহত রয়েছে। তিনি আরও জানান, আগামী কয়েক মাসের মধ্যে নতুন নীতিমালা প্রণয়ন করা হবে যাতে সাধারণ মানুষ উপকৃত হন। সংশ্লিষ্টরা আশা প্রকাশ করেছেন যে এই উদ্যোগ দেশের অর্থনীতি ও সমাজে ইতিবাচক প্রভাব ফেলবে।

সমাজের অসমতা দূর করা

দেশের বিভিন্ন অঞ্চলে সাম্প্রতিক সময়ে এই বিষয়ে নানা আলোচনা চলছে এবং সংশ্লিষ্ট কর্তৃপক্ষ বিষয়টি গুরুত্বের সাথে বিবেচনা করছে। বিশেষজ্ঞরা মনে করছেন দ্রুত পদক্ষেপ নেওয়া প্রয়োজন। স্থানীয় প্রশাসন জানিয়েছে যে প্রয়োজনীয় সকল ব্যবস্থা গ্রহণ করা হবে এবং জনগণকে সচেতন থাকার আহ্বান জানানো হয়েছে। এ বিষয়ে মন্ত্রণালয়ের একজন কর্মকর্তা বলেন, পরিস্থিতি স্বাভাবিক রাখতে সর্বাত্মক প্রচেষ্টা অব্যাহত রয়েছে। তিনি আরও জানান, আগামী কয়েক মাসের মধ্যে নতুন নীতিমালা প্রণয়ন করা হবে যাতে সাধারণ মানুষ উপকৃত হন। সংশ্লিষ্টরা আশা প্রকাশ করেছেন যে এই উদ্যোগ দেশের অর্থনীতি ও সমাজে ইতিবাচক প্রভাব ফেলবে।

দেশের বিভিন্ন অঞ্চলে সাম্প্রতিক সময়ে এই বিষয়ে নানা আলোচনা চলছে এবং সংশ্লিষ্ট কর্তৃপক্ষ বিষয়টি গুরুত্বের সাথে বিবেচনা করছে। বিশেষজ্ঞরা মনে করছেন দ্রুত পদক্ষেপ নেওয়া প্রয়োজন। স্থানীয় প্রশাসন জানিয়েছে যে প্রয়োজনীয় সকল ব্যবস্থা গ্রহণ করা হবে এবং জনগণকে সচেতন থাকার আহ্বান জানানো হয়েছে। এ বিষয়ে মন্ত্রণালয়ের একজন কর্মকর্তা বলেন, পরিস্থিতি স্বাভাবিক রাখতে সর্বাত্মক প্রচেষ্টা অব্যাহত রয়েছে। তিনি আরও জানান, আগামী কয়েক মাসের মধ্যে নতুন নীতিমালা প্রণয়ন করা হবে যাতে সাধারণ মানুষ উপকৃত হন। সংশ্লিষ্টরা আশা প্রকাশ করেছেন যে এই উদ্যোগ দেশের অর্থনীতি ও সমাজে ইতিবাচক প্রভাব ফেলবে।

গরু বিক্রি নিয়ে পশ্চিমবঙ্গে

দেশের বিভিন্ন অঞ্চলে সাম্প্রতিক সময়ে এই বিষয়ে নানা আলোচনা চলছে এবং সংশ্লিষ্ট কর্তৃপক্ষ বিষয়টি গুরুত্বের সাথে বিবেচনা করছে। বিশেষজ্ঞরা মনে করছেন দ্রুত পদক্ষেপ নেওয়া প্রয়োজন। স্থানীয় প্রশাসন জানিয়েছে যে প্রয়োজনীয় সকল ব্যবস্থা গ্রহণ করা হবে এবং জনগণকে সচেতন থাকার আহ্বান জানানো হয়েছে। এ বিষয়ে মন্ত্রণালয়ের একজন কর্মকর্তা বলেন, পরিস্থিতি স্বাভাবিক রাখতে সর্বাত্মক প্রচেষ্টা অব্যাহত রয়েছে। তিনি আরও জানান, আগামী কয়েক মাসের মধ্যে নতুন নীতিমালা প্রণয়ন করা হবে যাতে সাধারণ মানুষ উপকৃত হন। সংশ্লিষ্টরা আশা প্রকাশ করেছেন যে এই উদ্যোগ দেশের অর্থনীতি ও সমাজে ইতিবাচক প্রভাব ফেলবে।

দেশের বিভিন্ন অঞ্চলে সাম্প্রতিক সময়ে এই বিষয়ে নানা আলোচনা চলছে এবং সংশ্লিষ্ট কর্তৃপক্ষ বিষয়টি গুরুত্বের সাথে বিবেচনা করছে। বিশেষজ্ঞরা মনে করছেন দ্রুত পদক্ষেপ নেওয়া প্রয়োজন। স্থানীয় প্রশাসন জানিয়েছে যে প্রয়োজনীয় সকল ব্যবস্থা গ্রহণ করা হবে এবং জনগণকে সচেতন থাকার আহ্বান জানানো হয়েছে। এ বিষয়ে মন্ত্রণালয়ের একজন কর্মকর্তা বলেন, পরিস্থিতি স্বাভাবিক রাখতে সর্বাত্মক প্রচেষ্টা অব্যাহত রয়েছে। তিনি আরও জানান, আগামী কয়েক মাসের মধ্যে নতুন নীতিমালা প্রণয়ন করা হবে যাতে সাধারণ মানুষ উপকৃত হন। সংশ্লিষ্টরা আশা প্রকাশ করেছেন যে এই উদ্যোগ দেশের অর্থনীতি ও সমাজে ইতিবাচক প্রভাব ফেলবে।

খাল বনল সফল হলে গ্রামীণ অর্থনীতিতে

দেশের বিভিন্ন অঞ্চলে সাম্প্রতিক সময়ে এই বিষয়ে নানা আলোচনা চলছে এবং সংশ্লিষ্ট কর্তৃপক্ষ বিষয়টি গুরুত্বের সাথে বিবেচনা করছে। বিশেষজ্ঞরা মনে করছেন দ্রুত পদক্ষেপ নেওয়া প্রয়োজন। স্থানীয় প্রশাসন জানিয়েছে যে প্রয়োজনীয় সকল ব্যবস্থা গ্রহণ করা হবে এবং জনগণকে সচেতন থাকার আহ্বান জানানো হয়েছে। এ বিষয়ে মন্ত্রণালয়ের একজন কর্মকর্তা বলেন, পরিস্থিতি স্বাভাবিক রাখতে সর্বাত্মক প্রচেষ্টা অব্যাহত রয়েছে। তিনি আরও জানান, আগামী কয়েক মাসের মধ্যে নতুন নীতিমালা প্রণয়ন করা হবে যাতে সাধারণ মানুষ উপকৃত হন। সংশ্লিষ্টরা আশা প্রকাশ করেছেন যে এই উদ্যোগ দেশের অর্থনীতি ও সমাজে ইতিবাচক প্রভাব ফেলবে।

দেশের বিভিন্ন অঞ্চলে সাম্প্রতিক সময়ে এই বিষয়ে নানা আলোচনা চলছে এবং সংশ্লিষ্ট কর্তৃপক্ষ বিষয়টি গুরুত্বের সাথে বিবেচনা করছে। বিশেষজ্ঞরা মনে করছেন দ্রুত পদক্ষেপ নেওয়া প্রয়োজন। স্থানীয় প্রশাসন জানিয়েছে যে প্রয়োজনীয় সকল ব্যবস্থা গ্রহণ করা হবে এবং জনগণকে সচেতন থাকার আহ্বান জানানো হয়েছে। এ বিষয়ে মন্ত্রণালয়ের একজন কর্মকর্তা বলেন, পরিস্থিতি স্বাভাবিক রাখতে সর্বাত্মক প্রচেষ্টা অব্যাহত রয়েছে। তিনি আরও জানান, আগামী কয়েক মাসের মধ্যে নতুন নীতিমালা প্রণয়ন করা হবে যাতে সাধারণ মানুষ উপকৃত হন। সংশ্লিষ্টরা আশা প্রকাশ করেছেন যে এই উদ্যোগ দেশের অর্থনীতি ও সমাজে ইতিবাচক প্রভাব ফেলবে।

দেশের বিভিন্ন অঞ্চলে সাম্প্রতিক সময়ে এই বিষয়ে নানা আলোচনা চলছে এবং সংশ্লিষ্ট কর্তৃপক্ষ বিষয়টি গুরুত্বের সাথে বিবেচনা করছে। বিশেষজ্ঞরা মনে করছেন দ্রুত পদক্ষেপ নেওয়া প্রয়োজন। স্থানীয় প্রশাসন জানিয়েছে যে প্রয়োজনীয় সকল ব্যবস্থা গ্রহণ করা হবে এবং জনগণকে সচেতন থাকার আহ্বান জানানো হয়েছে। এ বিষয়ে মন্ত্রণালয়ের একজন কর্মকর্তা বলেন, পরিস্থিতি স্বাভাবিক রাখতে সর্বাত্মক প্রচেষ্টা অব্যাহত রয়েছে। তিনি আরও জানান, আগামী কয়েক মাসের মধ্যে নতুন নীতিমালা প্রণয়ন করা হবে যাতে সাধারণ মানুষ উপকৃত হন। সংশ্লিষ্টরা আশা প্রকাশ করেছেন যে এই উদ্যোগ দেশের অর্থনীতি ও সমাজে ইতিবাচক প্রভাব ফেলবে।

ইরান যুদ্ধের আগে ইরাকে

দেশের বিভিন্ন অঞ্চলে সাম্প্রতিক সময়ে এই বিষয়ে নানা আলোচনা চলছে এবং সংশ্লিষ্ট কর্তৃপক্ষ বিষয়টি গুরুত্বের সাথে বিবেচনা করছে। বিশেষজ্ঞরা মনে করছেন দ্রুত পদক্ষেপ নেওয়া প্রয়োজন। স্থানীয় প্রশাসন জানিয়েছে যে প্রয়োজনীয় সকল ব্যবস্থা গ্রহণ করা হবে এবং জনগণকে সচেতন থাকার আহ্বান জানানো হয়েছে। এ বিষয়ে মন্ত্রণালয়ের একজন কর্মকর্তা বলেন, পরিস্থিতি স্বাভাবিক রাখতে সর্বাত্মক প্রচেষ্টা অব্যাহত রয়েছে। তিনি আরও জানান, আগামী কয়েক মাসের মধ্যে নতুন নীতিমালা প্রণয়ন করা হবে যাতে সাধারণ মানুষ উপকৃত হন। সংশ্লিষ্টরা আশা প্রকাশ করেছেন যে এই উদ্যোগ দেশের অর্থনীতি ও সমাজে ইতিবাচক প্রভাব ফেলবে।

দেশের বিভিন্ন অঞ্চলে সাম্প্রতিক সময়ে এই বিষয়ে নানা আলোচনা চলছে এবং সংশ্লিষ্ট কর্তৃপক্ষ বিষয়টি গুরুত্বের সাথে বিবেচনা করছে। বিশেষজ্ঞরা মনে করছেন দ্রুত পদক্ষেপ নেওয়া প্রয়োজন। স্থানীয় প্রশাসন জানিয়েছে যে প্রয়োজনীয় সকল ব্যবস্থা গ্রহণ করা হবে এবং জনগণকে সচেতন থাকার আহ্বান জানানো হয়েছে। এ বিষয়ে মন্ত্রণালয়ের একজন কর্মকর্তা বলেন, পরিস্থিতি স্বাভাবিক রাখতে সর্বাত্মক প্রচেষ্টা অব্যাহত রয়েছে। তিনি আরও জানান, আগামী কয়েক মাসের মধ্যে নতুন নীতিমালা প্রণয়ন করা হবে যাতে সাধারণ মানুষ উপকৃত হন। সংশ্লিষ্টরা আশা প্রকাশ করেছেন যে এই উদ্যোগ দেশের অর্থনীতি ও সমাজে ইতিবাচক প্রভাব ফেলবে।

দেশের বিভিন্ন অঞ্চলে সাম্প্রতিক সময়ে এই বিষয়ে নানা আলোচনা চলছে এবং সংশ্লিষ্ট কর্তৃপক্ষ বিষয়টি গুরুত্বের সাথে বিবেচনা করছে। বিশেষজ্ঞরা মনে করছেন দ্রুত পদক্ষেপ নেওয়া প্রয়োজন। স্থানীয় প্রশাসন জানিয়েছে যে প্রয়োজনীয় সকল ব্যবস্থা গ্রহণ করা হবে এবং জনগণকে সচেতন থাকার আহ্বান জানানো হয়েছে। এ বিষয়ে মন্ত্রণালয়ের একজন কর্মকর্তা বলেন, পরিস্থিতি স্বাভাবিক রাখতে সর্বাত্মক প্রচেষ্টা অব্যাহত রয়েছে। তিনি আরও জানান, আগামী কয়েক মাসের মধ্যে নতুন নীতিমালা প্রণয়ন করা হবে যাতে সাধারণ মানুষ উপকৃত হন। সংশ্লিষ্টরা আশা প্রকাশ করেছেন যে এই উদ্যোগ দেশের অর্থনীতি ও সমাজে ইতিবাচক প্রভাব ফেলবে।

চিকিৎসা নেওয়ার মহাসড়কের দায়িত্ব

দেশের বিভিন্ন অঞ্চলে সাম্প্রতিক সময়ে এই বিষয়ে নানা আলোচনা চলছে এবং সংশ্লিষ্ট কর্তৃপক্ষ বিষয়টি গুরুত্বের সাথে বিবেচনা করছে। বিশেষজ্ঞরা মনে করছেন দ্রুত পদক্ষেপ নেওয়া প্রয়োজন। স্থানীয় প্রশাসন জানিয়েছে যে প্রয়োজনীয় সকল ব্যবস্থা গ্রহণ করা হবে এবং জনগণকে সচেতন থাকার আহ্বান জানানো হয়েছে। এ বিষয়ে মন্ত্রণালয়ের একজন কর্মকর্তা বলেন, পরিস্থিতি স্বাভাবিক রাখতে সর্বাত্মক প্রচেষ্টা অব্যাহত রয়েছে। তিনি আরও জানান, আগামী কয়েক মাসের মধ্যে নতুন নীতিমালা প্রণয়ন করা হবে যাতে সাধারণ মানুষ উপকৃত হন। সংশ্লিষ্টরা আশা প্রকাশ করেছেন যে এই উদ্যোগ দেশের অর্থনীতি ও সমাজে ইতিবাচক প্রভাব ফেলবে।

দেশের বিভিন্ন অঞ্চলে সাম্প্রতিক সময়ে এই বিষয়ে নানা আলোচনা চলছে এবং সংশ্লিষ্ট কর্তৃপক্ষ বিষয়টি গুরুত্বের সাথে বিবেচনা করছে। বিশেষজ্ঞরা মনে করছেন দ্রুত পদক্ষেপ নেওয়া প্রয়োজন। স্থানীয় প্রশাসন জানিয়েছে যে প্রয়োজনীয় সকল ব্যবস্থা গ্রহণ করা হবে এবং জনগণকে সচেতন থাকার আহ্বান জানানো হয়েছে। এ বিষয়ে মন্ত্রণালয়ের একজন কর্মকর্তা বলেন, পরিস্থিতি স্বাভাবিক রাখতে সর্বাত্মক প্রচেষ্টা অব্যাহত রয়েছে। তিনি আরও জানান, আগামী কয়েক মাসের মধ্যে নতুন নীতিমালা প্রণয়ন করা হবে যাতে সাধারণ মানুষ উপকৃত হন। সংশ্লিষ্টরা আশা প্রকাশ করেছেন যে এই উদ্যোগ দেশের অর্থনীতি ও সমাজে ইতিবাচক প্রভাব ফেলবে।

জাতিসংঘে 'সভাপতি' হলে

দেশের বিভিন্ন অঞ্চলে সাম্প্রতিক সময়ে এই বিষয়ে নানা আলোচনা চলছে এবং সংশ্লিষ্ট কর্তৃপক্ষ বিষয়টি গুরুত্বের সাথে বিবেচনা করছে। বিশেষজ্ঞরা মনে করছেন দ্রুত পদক্ষেপ নেওয়া প্রয়োজন। স্থানীয় প্রশাসন জানিয়েছে যে প্রয়োজনীয় সকল ব্যবস্থা গ্রহণ করা হবে এবং জনগণকে সচেতন থাকার আহ্বান জানানো হয়েছে। এ বিষয়ে মন্ত্রণালয়ের একজন কর্মকর্তা বলেন, পরিস্থিতি স্বাভাবিক রাখতে সর্বাত্মক প্রচেষ্টা অব্যাহত রয়েছে। তিনি আরও জানান, আগামী কয়েক মাসের মধ্যে নতুন নীতিমালা প্রণয়ন করা হবে যাতে সাধারণ মানুষ উপকৃত হন। সংশ্লিষ্টরা আশা প্রকাশ করেছেন যে এই উদ্যোগ দেশের অর্থনীতি ও সমাজে ইতিবাচক প্রভাব ফেলবে।

দেশের বিভিন্ন অঞ্চলে সাম্প্রতিক সময়ে এই বিষয়ে নানা আলোচনা চলছে এবং সংশ্লিষ্ট কর্তৃপক্ষ বিষয়টি গুরুত্বের সাথে বিবেচনা করছে। বিশেষজ্ঞরা মনে করছেন দ্রুত পদক্ষেপ নেওয়া প্রয়োজন। স্থানীয় প্রশাসন জানিয়েছে যে প্রয়োজনীয় সকল ব্যবস্থা গ্রহণ করা হবে এবং জনগণকে সচেতন থাকার আহ্বান জানানো হয়েছে। এ বিষয়ে মন্ত্রণালয়ের একজন কর্মকর্তা বলেন, পরিস্থিতি স্বাভাবিক রাখতে সর্বাত্মক প্রচেষ্টা অব্যাহত রয়েছে। তিনি আরও জানান, আগামী কয়েক মাসের মধ্যে নতুন নীতিমালা প্রণয়ন করা হবে যাতে সাধারণ মানুষ উপকৃত হন। সংশ্লিষ্টরা আশা প্রকাশ করেছেন যে এই উদ্যোগ দেশের অর্থনীতি ও সমাজে ইতিবাচক প্রভাব ফেলবে।

দেশের বিভিন্ন অঞ্চলে সাম্প্রতিক সময়ে এই বিষয়ে নানা আলোচনা চলছে এবং সংশ্লিষ্ট কর্তৃপক্ষ বিষয়টি গুরুত্বের সাথে বিবেচনা করছে। বিশেষজ্ঞরা মনে করছেন দ্রুত পদক্ষেপ নেওয়া প্রয়োজন। স্থানীয় প্রশাসন জানিয়েছে যে প্রয়োজনীয় সকল ব্যবস্থা গ্রহণ করা হবে এবং জনগণকে সচেতন থাকার আহ্বান জানানো হয়েছে। এ বিষয়ে মন্ত্রণালয়ের একজন কর্মকর্তা বলেন, পরিস্থিতি স্বাভাবিক রাখতে সর্বাত্মক প্রচেষ্টা অব্যাহত রয়েছে। তিনি আরও জানান, আগামী কয়েক মাসের মধ্যে নতুন নীতিমালা প্রণয়ন করা হবে যাতে সাধারণ মানুষ উপকৃত হন। সংশ্লিষ্টরা আশা প্রকাশ করেছেন যে এই উদ্যোগ দেশের অর্থনীতি ও সমাজে ইতিবাচক প্রভাব ফেলবে।

দেশের বিভিন্ন অঞ্চলে সাম্প্রতিক সময়ে এই বিষয়ে নানা আলোচনা চলছে এবং সংশ্লিষ্ট কর্তৃপক্ষ বিষয়টি গুরুত্বের সাথে বিবেচনা করছে। বিশেষজ্ঞরা মনে করছেন দ্রুত পদক্ষেপ নেওয়া প্রয়োজন। স্থানীয় প্রশাসন জানিয়েছে যে প্রয়োজনীয় সকল ব্যবস্থা গ্রহণ করা হবে এবং জনগণকে সচেতন থাকার আহ্বান জানানো হয়েছে। এ বিষয়ে মন্ত্রণালয়ের একজন কর্মকর্তা বলেন, পরিস্থিতি স্বাভাবিক রাখতে সর্বাত্মক প্রচেষ্টা অব্যাহত রয়েছে। তিনি আরও জানান, আগামী কয়েক মাসের মধ্যে নতুন নীতিমালা প্রণয়ন করা হবে যাতে সাধারণ মানুষ উপকৃত হন। সংশ্লিষ্টরা আশা প্রকাশ করেছেন যে এই উদ্যোগ দেশের অর্থনীতি ও সমাজে ইতিবাচক প্রভাব ফেলবে।

দেশের বিভিন্ন অঞ্চলে সাম্প্রতিক সময়ে এই বিষয়ে নানা আলোচনা চলছে এবং সংশ্লিষ্ট কর্তৃপক্ষ বিষয়টি গুরুত্বের সাথে বিবেচনা করছে। বিশেষজ্ঞরা মনে করছেন দ্রুত পদক্ষেপ নেওয়া প্রয়োজন। স্থানীয় প্রশাসন জানিয়েছে যে প্রয়োজনীয় সকল ব্যবস্থা গ্রহণ করা হবে এবং জনগণকে সচেতন থাকার আহ্বান জানানো হয়েছে। এ বিষয়ে মন্ত্রণালয়ের একজন কর্মকর্তা বলেন, পরিস্থিতি স্বাভাবিক রাখতে সর্বাত্মক প্রচেষ্টা অব্যাহত রয়েছে। তিনি আরও জানান, আগামী কয়েক মাসের মধ্যে নতুন নীতিমালা প্রণয়ন করা হবে যাতে সাধারণ মানুষ উপকৃত হন। সংশ্লিষ্টরা আশা প্রকাশ করেছেন যে এই উদ্যোগ দেশের অর্থনীতি ও সমাজে ইতিবাচক প্রভাব ফেলবে।

দেশের বিভিন্ন অঞ্চলে সাম্প্রতিক সময়ে এই বিষয়ে নানা আলোচনা চলছে এবং সংশ্লিষ্ট কর্তৃপক্ষ বিষয়টি গুরুত্বের সাথে বিবেচনা করছে। বিশেষজ্ঞরা মনে করছেন দ্রুত পদক্ষেপ নেওয়া প্রয়োজন। স্থানীয় প্রশাসন জানিয়েছে যে প্রয়োজনীয় সকল ব্যবস্থা গ্রহণ করা হবে এবং জনগণকে সচেতন থাকার আহ্বান জানানো হয়েছে। এ বিষয়ে মন্ত্রণালয়ের একজন কর্মকর্তা বলেন, পরিস্থিতি স্বাভাবিক রাখতে সর্বাত্মক প্রচেষ্টা অব্যাহত রয়েছে। তিনি আরও জানান, আগামী কয়েক মাসের মধ্যে নতুন নীতিমালা প্রণয়ন করা হবে যাতে সাধারণ মানুষ উপকৃত হন। সংশ্লিষ্টরা আশা প্রকাশ করেছেন যে এই উদ্যোগ দেশের অর্থনীতি ও সমাজে ইতিবাচক প্রভাব ফেলবে।

দেশের বিভিন্ন অঞ্চলে সাম্প্রতিক সময়ে এই বিষয়ে নানা আলোচনা চলছে এবং সংশ্লিষ্ট কর্তৃপক্ষ বিষয়টি গুরুত্বের সাথে বিবেচনা করছে। বিশেষজ্ঞরা মনে করছেন দ্রুত পদক্ষেপ নেওয়া প্রয়োজন। স্থানীয় প্রশাসন জানিয়েছে যে প্রয়োজনীয় সকল ব্যবস্থা গ্রহণ করা হবে এবং জনগণকে সচেতন থাকার আহ্বান জানানো হয়েছে। এ বিষয়ে মন্ত্রণালয়ের একজন কর্মকর্তা বলেন, পরিস্থিতি স্বাভাবিক রাখতে সর্বাত্মক প্রচেষ্টা অব্যাহত রয়েছে। তিনি আরও জানান, আগামী কয়েক মাসের মধ্যে নতুন নীতিমালা প্রণয়ন করা হবে যাতে সাধারণ মানুষ উপকৃত হন। সংশ্লিষ্টরা আশা প্রকাশ করেছেন যে এই উদ্যোগ দেশের অর্থনীতি ও সমাজে ইতিবাচক প্রভাব ফেলবে।

দেশের বিভিন্ন অঞ্চলে সাম্প্রতিক সময়ে এই বিষয়ে নানা আলোচনা চলছে এবং সংশ্লিষ্ট কর্তৃপক্ষ বিষয়টি গুরুত্বের সাথে বিবেচনা করছে। বিশেষজ্ঞরা মনে করছেন দ্রুত পদক্ষেপ নেওয়া প্রয়োজন। স্থানীয় প্রশাসন জানিয়েছে যে প্রয়োজনীয় সকল ব্যবস্থা গ্রহণ করা হবে এবং জনগণকে সচেতন থাকার আহ্বান জানানো হয়েছে। এ বিষয়ে মন্ত্রণালয়ের একজন কর্মকর্তা বলেন, পরিস্থিতি স্বাভাবিক রাখতে সর্বাত্মক প্রচেষ্টা অব্যাহত রয়েছে। তিনি আরও জানান, আগামী কয়েক মাসের মধ্যে নতুন নীতিমালা প্রণয়ন করা হবে যাতে সাধারণ মানুষ উপকৃত হন। সংশ্লিষ্টরা আশা প্রকাশ করেছেন যে এই উদ্যোগ দেশের অর্থনীতি ও সমাজে ইতিবাচক প্রভাব ফেলবে।

দেশের বিভিন্ন অঞ্চলে সাম্প্রতিক সময়ে এই বিষয়ে নানা আলোচনা চলছে এবং সংশ্লিষ্ট কর্তৃপক্ষ বিষয়টি গুরুত্বের সাথে বিবেচনা করছে। বিশেষজ্ঞরা মনে করছেন দ্রুত পদক্ষেপ নেওয়া প্রয়োজন। স্থানীয় প্রশাসন জানিয়েছে যে প্রয়োজনীয় সকল ব্যবস্থা গ্রহণ করা হবে এবং জনগণকে সচেতন থাকার আহ্বান জানানো হয়েছে। এ বিষয়ে মন্ত্রণালয়ের একজন কর্মকর্তা বলেন, পরিস্থিতি স্বাভাবিক রাখতে সর্বাত্মক প্রচেষ্টা অব্যাহত রয়েছে। তিনি আরও জানান, আগামী কয়েক মাসের মধ্যে নতুন নীতিমালা প্রণয়ন করা হবে যাতে সাধারণ মানুষ উপকৃত হন। সংশ্লিষ্টরা আশা প্রকাশ করেছেন যে এই উদ্যোগ দেশের অর্থনীতি ও সমাজে ইতিবাচক প্রভাব ফেলবে।

হকারদের রাস্তা

দেশের বিভিন্ন অঞ্চলে সাম্প্রতিক সময়ে এই বিষয়ে নানা আলোচনা চলছে এবং সংশ্লিষ্ট কর্তৃপক্ষ বিষয়টি গুরুত্বের সাথে বিবেচনা করছে। বিশেষজ্ঞরা মনে করছেন দ্রুত পদক্ষেপ নেওয়া প্রয়োজন। স্থানীয় প্রশাসন জানিয়েছে যে প্রয়োজনীয় সকল ব্যবস্থা গ্রহণ করা হবে এবং জনগণকে সচেতন থাকার আহ্বান জানানো হয়েছে। এ বিষয়ে মন্ত্রণালয়ের একজন কর্মকর্তা বলেন, পরিস্থিতি স্বাভাবিক রাখতে সর্বাত্মক প্রচেষ্টা অব্যাহত রয়েছে। তিনি আরও জানান, আগামী কয়েক মাসের মধ্যে নতুন নীতিমালা প্রণয়ন করা হবে যাতে সাধারণ মানুষ উপকৃত হন। সংশ্লিষ্টরা আশা প্রকাশ করেছেন যে এই উদ্যোগ দেশের অর্থনীতি ও সমাজে ইতিবাচক প্রভাব ফেলবে।

দেশের বিভিন্ন অঞ্চলে সাম্প্রতিক সময়ে এই বিষয়ে নানা আলোচনা চলছে এবং সংশ্লিষ্ট কর্তৃপক্ষ বিষয়টি গুরুত্বের সাথে বিবেচনা করছে। বিশেষজ্ঞরা মনে করছেন দ্রুত পদক্ষেপ নেওয়া প্রয়োজন। স্থানীয় প্রশাসন জানিয়েছে যে প্রয়োজনীয় সকল ব্যবস্থা গ্রহণ করা হবে এবং জনগণকে সচেতন থাকার আহ্বান জানানো হয়েছে। এ বিষয়ে মন্ত্রণালয়ের একজন কর্মকর্তা বলেন, পরিস্থিতি স্বাভাবিক রাখতে সর্বাত্মক প্রচেষ্টা অব্যাহত রয়েছে। তিনি আরও জানান, আগামী কয়েক মাসের মধ্যে নতুন নীতিমালা প্রণয়ন করা হবে যাতে সাধারণ মানুষ উপকৃত হন। সংশ্লিষ্টরা আশা প্রকাশ করেছেন যে এই উদ্যোগ দেশের অর্থনীতি ও সমাজে ইতিবাচক প্রভাব ফেলবে।

মেট্রোরেলে বড় বরাদ্দ
(শেষ পৃষ্ঠার পর)

দেশের বিভিন্ন অঞ্চলে সাম্প্রতিক সময়ে এই বিষয়ে নানা আলোচনা চলছে এবং সংশ্লিষ্ট কর্তৃপক্ষ বিষয়টি গুরুত্বের সাথে বিবেচনা করছে। বিশেষজ্ঞরা মনে করছেন দ্রুত পদক্ষেপ নেওয়া প্রয়োজন। স্থানীয় প্রশাসন জানিয়েছে যে প্রয়োজনীয় সকল ব্যবস্থা গ্রহণ করা হবে এবং জনগণকে সচেতন থাকার আহ্বান জানানো হয়েছে। এ বিষয়ে মন্ত্রণালয়ের একজন কর্মকর্তা বলেন, পরিস্থিতি স্বাভাবিক রাখতে সর্বাত্মক প্রচেষ্টা অব্যাহত রয়েছে। তিনি আরও জানান, আগামী কয়েক মাসের মধ্যে নতুন নীতিমালা প্রণয়ন করা হবে যাতে সাধারণ মানুষ উপকৃত হন। সংশ্লিষ্টরা আশা প্রকাশ করেছেন যে এই উদ্যোগ দেশের অর্থনীতি ও সমাজে ইতিবাচক প্রভাব ফেলবে।

দেশের বিভিন্ন অঞ্চলে সাম্প্রতিক সময়ে এই বিষয়ে নানা আলোচনা চলছে এবং সংশ্লিষ্ট কর্তৃপক্ষ বিষয়টি গুরুত্বের সাথে বিবেচনা করছে। বিশেষজ্ঞরা মনে করছেন দ্রুত পদক্ষেপ নেওয়া প্রয়োজন। স্থানীয় প্রশাসন জানিয়েছে যে প্রয়োজনীয় সকল ব্যবস্থা গ্রহণ করা হবে এবং জনগণকে সচেতন থাকার আহ্বান জানানো হয়েছে। এ বিষয়ে মন্ত্রণালয়ের একজন কর্মকর্তা বলেন, পরিস্থিতি স্বাভাবিক রাখতে সর্বাত্মক প্রচেষ্টা অব্যাহত রয়েছে। তিনি আরও জানান, আগামী কয়েক মাসের মধ্যে নতুন নীতিমালা প্রণয়ন করা হবে যাতে সাধারণ মানুষ উপকৃত হন। সংশ্লিষ্টরা আশা প্রকাশ করেছেন যে এই উদ্যোগ দেশের অর্থনীতি ও সমাজে ইতিবাচক প্রভাব ফেলবে।

দেশের বিভিন্ন অঞ্চলে সাম্প্রতিক সময়ে এই বিষয়ে নানা আলোচনা চলছে এবং সংশ্লিষ্ট কর্তৃপক্ষ বিষয়টি গুরুত্বের সাথে বিবেচনা করছে। বিশেষজ্ঞরা মনে করছেন দ্রুত পদক্ষেপ নেওয়া প্রয়োজন। স্থানীয় প্রশাসন জানিয়েছে যে প্রয়োজনীয় সকল ব্যবস্থা গ্রহণ করা হবে এবং জনগণকে সচেতন থাকার আহ্বান জানানো হয়েছে। এ বিষয়ে মন্ত্রণালয়ের একজন কর্মকর্তা বলেন, পরিস্থিতি স্বাভাবিক রাখতে সর্বাত্মক প্রচেষ্টা অব্যাহত রয়েছে। তিনি আরও জানান, আগামী কয়েক মাসের মধ্যে নতুন নীতিমালা প্রণয়ন করা হবে যাতে সাধারণ মানুষ উপকৃত হন। সংশ্লিষ্টরা আশা প্রকাশ করেছেন যে এই উদ্যোগ দেশের অর্থনীতি ও সমাজে ইতিবাচক প্রভাব ফেলবে।

দেশের বিভিন্ন অঞ্চলে সাম্প্রতিক সময়ে এই বিষয়ে নানা আলোচনা চলছে এবং সংশ্লিষ্ট কর্তৃপক্ষ বিষয়টি গুরুত্বের সাথে বিবেচনা করছে। বিশেষজ্ঞরা মনে করছেন দ্রুত পদক্ষেপ নেওয়া প্রয়োজন। স্থানীয় প্রশাসন জানিয়েছে যে প্রয়োজনীয় সকল ব্যবস্থা গ্রহণ করা হবে এবং জনগণকে সচেতন থাকার আহ্বান জানানো হয়েছে। এ বিষয়ে মন্ত্রণালয়ের একজন কর্মকর্তা বলেন, পরিস্থিতি স্বাভাবিক রাখতে সর্বাত্মক প্রচেষ্টা অব্যাহত রয়েছে। তিনি আরও জানান, আগামী কয়েক মাসের মধ্যে নতুন নীতিমালা প্রণয়ন করা হবে যাতে সাধারণ মানুষ উপকৃত হন। সংশ্লিষ্টরা আশা প্রকাশ করেছেন যে এই উদ্যোগ দেশের অর্থনীতি ও সমাজে ইতিবাচক প্রভাব ফেলবে।

দেশের বিভিন্ন অঞ্চলে সাম্প্রতিক সময়ে এই বিষয়ে নানা আলোচনা চলছে এবং সংশ্লিষ্ট কর্তৃপক্ষ বিষয়টি গুরুত্বের সাথে বিবেচনা করছে। বিশেষজ্ঞরা মনে করছেন দ্রুত পদক্ষেপ নেওয়া প্রয়োজন। স্থানীয় প্রশাসন জানিয়েছে যে প্রয়োজনীয় সকল ব্যবস্থা গ্রহণ করা হবে এবং জনগণকে সচেতন থাকার আহ্বান জানানো হয়েছে। এ বিষয়ে মন্ত্রণালয়ের একজন কর্মকর্তা বলেন, পরিস্থিতি স্বাভাবিক রাখতে সর্বাত্মক প্রচেষ্টা অব্যাহত রয়েছে। তিনি আরও জানান, আগামী কয়েক মাসের মধ্যে নতুন নীতিমালা প্রণয়ন করা হবে যাতে সাধারণ মানুষ উপকৃত হন। সংশ্লিষ্টরা আশা প্রকাশ করেছেন যে এই উদ্যোগ দেশের অর্থনীতি ও সমাজে ইতিবাচক প্রভাব ফেলবে।

দেশের বিভিন্ন অঞ্চলে সাম্প্রতিক সময়ে এই বিষয়ে নানা আলোচনা চলছে এবং সংশ্লিষ্ট কর্তৃপক্ষ বিষয়টি গুরুত্বের সাথে বিবেচনা করছে। বিশেষজ্ঞরা মনে করছেন দ্রুত পদক্ষেপ নেওয়া প্রয়োজন। স্থানীয় প্রশাসন জানিয়েছে যে প্রয়োজনীয় সকল ব্যবস্থা গ্রহণ করা হবে এবং জনগণকে সচেতন থাকার আহ্বান জানানো হয়েছে। এ বিষয়ে মন্ত্রণালয়ের একজন কর্মকর্তা বলেন, পরিস্থিতি স্বাভাবিক রাখতে সর্বাত্মক প্রচেষ্টা অব্যাহত রয়েছে। তিনি আরও জানান, আগামী কয়েক মাসের মধ্যে নতুন নীতিমালা প্রণয়ন করা হবে যাতে সাধারণ মানুষ উপকৃত হন। সংশ্লিষ্টরা আশা প্রকাশ করেছেন যে এই উদ্যোগ দেশের অর্থনীতি ও সমাজে ইতিবাচক প্রভাব ফেলবে।

ঈদযাত্রায় নৌপথে নিরাপত্তায়
(শেষ পৃষ্ঠার পর)

দেশের বিভিন্ন অঞ্চলে সাম্প্রতিক সময়ে এই বিষয়ে নানা আলোচনা চলছে এবং সংশ্লিষ্ট কর্তৃপক্ষ বিষয়টি গুরুত্বের সাথে বিবেচনা করছে। বিশেষজ্ঞরা মনে করছেন দ্রুত পদক্ষেপ নেওয়া প্রয়োজন। স্থানীয় প্রশাসন জানিয়েছে যে প্রয়োজনীয় সকল ব্যবস্থা গ্রহণ করা হবে এবং জনগণকে সচেতন থাকার আহ্বান জানানো হয়েছে। এ বিষয়ে মন্ত্রণালয়ের একজন কর্মকর্তা বলেন, পরিস্থিতি স্বাভাবিক রাখতে সর্বাত্মক প্রচেষ্টা অব্যাহত রয়েছে। তিনি আরও জানান, আগামী কয়েক মাসের মধ্যে নতুন নীতিমালা প্রণয়ন করা হবে যাতে সাধারণ মানুষ উপকৃত হন। সংশ্লিষ্টরা আশা প্রকাশ করেছেন যে এই উদ্যোগ দেশের অর্থনীতি ও সমাজে ইতিবাচক প্রভাব ফেলবে।

দেশের বিভিন্ন অঞ্চলে সাম্প্রতিক সময়ে এই বিষয়ে নানা আলোচনা চলছে এবং সংশ্লিষ্ট কর্তৃপক্ষ বিষয়টি গুরুত্বের সাথে বিবেচনা করছে। বিশেষজ্ঞরা মনে করছেন দ্রুত পদক্ষেপ নেওয়া প্রয়োজন। স্থানীয় প্রশাসন জানিয়েছে যে প্রয়োজনীয় সকল ব্যবস্থা গ্রহণ করা হবে এবং জনগণকে সচেতন থাকার আহ্বান জানানো হয়েছে। এ বিষয়ে মন্ত্রণালয়ের একজন কর্মকর্তা বলেন, পরিস্থিতি স্বাভাবিক রাখতে সর্বাত্মক প্রচেষ্টা অব্যাহত রয়েছে। তিনি আরও জানান, আগামী কয়েক মাসের মধ্যে নতুন নীতিমালা প্রণয়ন করা হবে যাতে সাধারণ মানুষ উপকৃত হন। সংশ্লিষ্টরা আশা প্রকাশ করেছেন যে এই উদ্যোগ দেশের অর্থনীতি ও সমাজে ইতিবাচক প্রভাব ফেলবে।

দেশের বিভিন্ন অঞ্চলে সাম্প্রতিক সময়ে এই বিষয়ে নানা আলোচনা চলছে এবং সংশ্লিষ্ট কর্তৃপক্ষ বিষয়টি গুরুত্বের সাথে বিবেচনা করছে। বিশেষজ্ঞরা মনে করছেন দ্রুত পদক্ষেপ নেওয়া প্রয়োজন। স্থানীয় প্রশাসন জানিয়েছে যে প্রয়োজনীয় সকল ব্যবস্থা গ্রহণ করা হবে এবং জনগণকে সচেতন থাকার আহ্বান জানানো হয়েছে। এ বিষয়ে মন্ত্রণালয়ের একজন কর্মকর্তা বলেন, পরিস্থিতি স্বাভাবিক রাখতে সর্বাত্মক প্রচেষ্টা অব্যাহত রয়েছে। তিনি আরও জানান, আগামী কয়েক মাসের মধ্যে নতুন নীতিমালা প্রণয়ন করা হবে যাতে সাধারণ মানুষ উপকৃত হন। সংশ্লিষ্টরা আশা প্রকাশ করেছেন যে এই উদ্যোগ দেশের অর্থনীতি ও সমাজে ইতিবাচক প্রভাব ফেলবে।

দেশের বিভিন্ন অঞ্চলে সাম্প্রতিক সময়ে এই বিষয়ে নানা আলোচনা চলছে এবং সংশ্লিষ্ট কর্তৃপক্ষ বিষয়টি গুরুত্বের সাথে বিবেচনা করছে। বিশেষজ্ঞরা মনে করছেন দ্রুত পদক্ষেপ নেওয়া প্রয়োজন। স্থানীয় প্রশাসন জানিয়েছে যে প্রয়োজনীয় সকল ব্যবস্থা গ্রহণ করা হবে এবং জনগণকে সচেতন থাকার আহ্বান জানানো হয়েছে। এ বিষয়ে মন্ত্রণালয়ের একজন কর্মকর্তা বলেন, পরিস্থিতি স্বাভাবিক রাখতে সর্বাত্মক প্রচেষ্টা অব্যাহত রয়েছে। তিনি আরও জানান, আগামী কয়েক মাসের মধ্যে নতুন নীতিমালা প্রণয়ন করা হবে যাতে সাধারণ মানুষ উপকৃত হন। সংশ্লিষ্টরা আশা প্রকাশ করেছেন যে এই উদ্যোগ দেশের অর্থনীতি ও সমাজে ইতিবাচক প্রভাব ফেলবে।

চাল আমদানি বাড়াতে দুই
(শেষ পৃষ্ঠার পর)

দেশের বিভিন্ন অঞ্চলে সাম্প্রতিক সময়ে এই বিষয়ে নানা আলোচনা চলছে এবং সংশ্লিষ্ট কর্তৃপক্ষ বিষয়টি গুরুত্বের সাথে বিবেচনা করছে। বিশেষজ্ঞরা মনে করছেন দ্রুত পদক্ষেপ নেওয়া প্রয়োজন। স্থানীয় প্রশাসন জানিয়েছে যে প্রয়োজনীয় সকল ব্যবস্থা গ্রহণ করা হবে এবং জনগণকে সচেতন থাকার আহ্বান জানানো হয়েছে। এ বিষয়ে মন্ত্রণালয়ের একজন কর্মকর্তা বলেন, পরিস্থিতি স্বাভাবিক রাখতে সর্বাত্মক প্রচেষ্টা অব্যাহত রয়েছে। তিনি আরও জানান, আগামী কয়েক মাসের মধ্যে নতুন নীতিমালা প্রণয়ন করা হবে যাতে সাধারণ মানুষ উপকৃত হন। সংশ্লিষ্টরা আশা প্রকাশ করেছেন যে এই উদ্যোগ দেশের অর্থনীতি ও সমাজে ইতিবাচক প্রভাব ফেলবে।

দেশের বিভিন্ন অঞ্চলে সাম্প্রতিক সময়ে এই বিষয়ে নানা আলোচনা চলছে এবং সংশ্লিষ্ট কর্তৃপক্ষ বিষয়টি গুরুত্বের সাথে বিবেচনা করছে। বিশেষজ্ঞরা মনে করছেন দ্রুত পদক্ষেপ নেওয়া প্রয়োজন। স্থানীয় প্রশাসন জানিয়েছে যে প্রয়োজনীয় সকল ব্যবস্থা গ্রহণ করা হবে এবং জনগণকে সচেতন থাকার আহ্বান জানানো হয়েছে। এ বিষয়ে মন্ত্রণালয়ের একজন কর্মকর্তা বলেন, পরিস্থিতি স্বাভাবিক রাখতে সর্বাত্মক প্রচেষ্টা অব্যাহত রয়েছে। তিনি আরও জানান, আগামী কয়েক মাসের মধ্যে নতুন নীতিমালা প্রণয়ন করা হবে যাতে সাধারণ মানুষ উপকৃত হন। সংশ্লিষ্টরা আশা প্রকাশ করেছেন যে এই উদ্যোগ দেশের অর্থনীতি ও সমাজে ইতিবাচক প্রভাব ফেলবে।

দেশের বিভিন্ন অঞ্চলে সাম্প্রতিক সময়ে এই বিষয়ে নানা আলোচনা চলছে এবং সংশ্লিষ্ট কর্তৃপক্ষ বিষয়টি গুরুত্বের সাথে বিবেচনা করছে। বিশেষজ্ঞরা মনে করছেন দ্রুত পদক্ষেপ নেওয়া প্রয়োজন। স্থানীয় প্রশাসন জানিয়েছে যে প্রয়োজনীয় সকল ব্যবস্থা গ্রহণ করা হবে এবং জনগণকে সচেতন থাকার আহ্বান জানানো হয়েছে। এ বিষয়ে মন্ত্রণালয়ের একজন কর্মকর্তা বলেন, পরিস্থিতি স্বাভাবিক রাখতে সর্বাত্মক প্রচেষ্টা অব্যাহত রয়েছে। তিনি আরও জানান, আগামী কয়েক মাসের মধ্যে নতুন নীতিমালা প্রণয়ন করা হবে যাতে সাধারণ মানুষ উপকৃত হন। সংশ্লিষ্টরা আশা প্রকাশ করেছেন যে এই উদ্যোগ দেশের অর্থনীতি ও সমাজে ইতিবাচক প্রভাব ফেলবে।

দেশের বিভিন্ন অঞ্চলে সাম্প্রতিক সময়ে এই বিষয়ে নানা আলোচনা চলছে এবং সংশ্লিষ্ট কর্তৃপক্ষ বিষয়টি গুরুত্বের সাথে বিবেচনা করছে। বিশেষজ্ঞরা মনে করছেন দ্রুত পদক্ষেপ নেওয়া প্রয়োজন। স্থানীয় প্রশাসন জানিয়েছে যে প্রয়োজনীয় সকল ব্যবস্থা গ্রহণ করা হবে এবং জনগণকে সচেতন থাকার আহ্বান জানানো হয়েছে। এ বিষয়ে মন্ত্রণালয়ের একজন কর্মকর্তা বলেন, পরিস্থিতি স্বাভাবিক রাখতে সর্বাত্মক প্রচেষ্টা অব্যাহত রয়েছে। তিনি আরও জানান, আগামী কয়েক মাসের মধ্যে নতুন নীতিমালা প্রণয়ন করা হবে যাতে সাধারণ মানুষ উপকৃত হন। সংশ্লিষ্টরা আশা প্রকাশ করেছেন যে এই উদ্যোগ দেশের অর্থনীতি ও সমাজে ইতিবাচক প্রভাব ফেলবে।
